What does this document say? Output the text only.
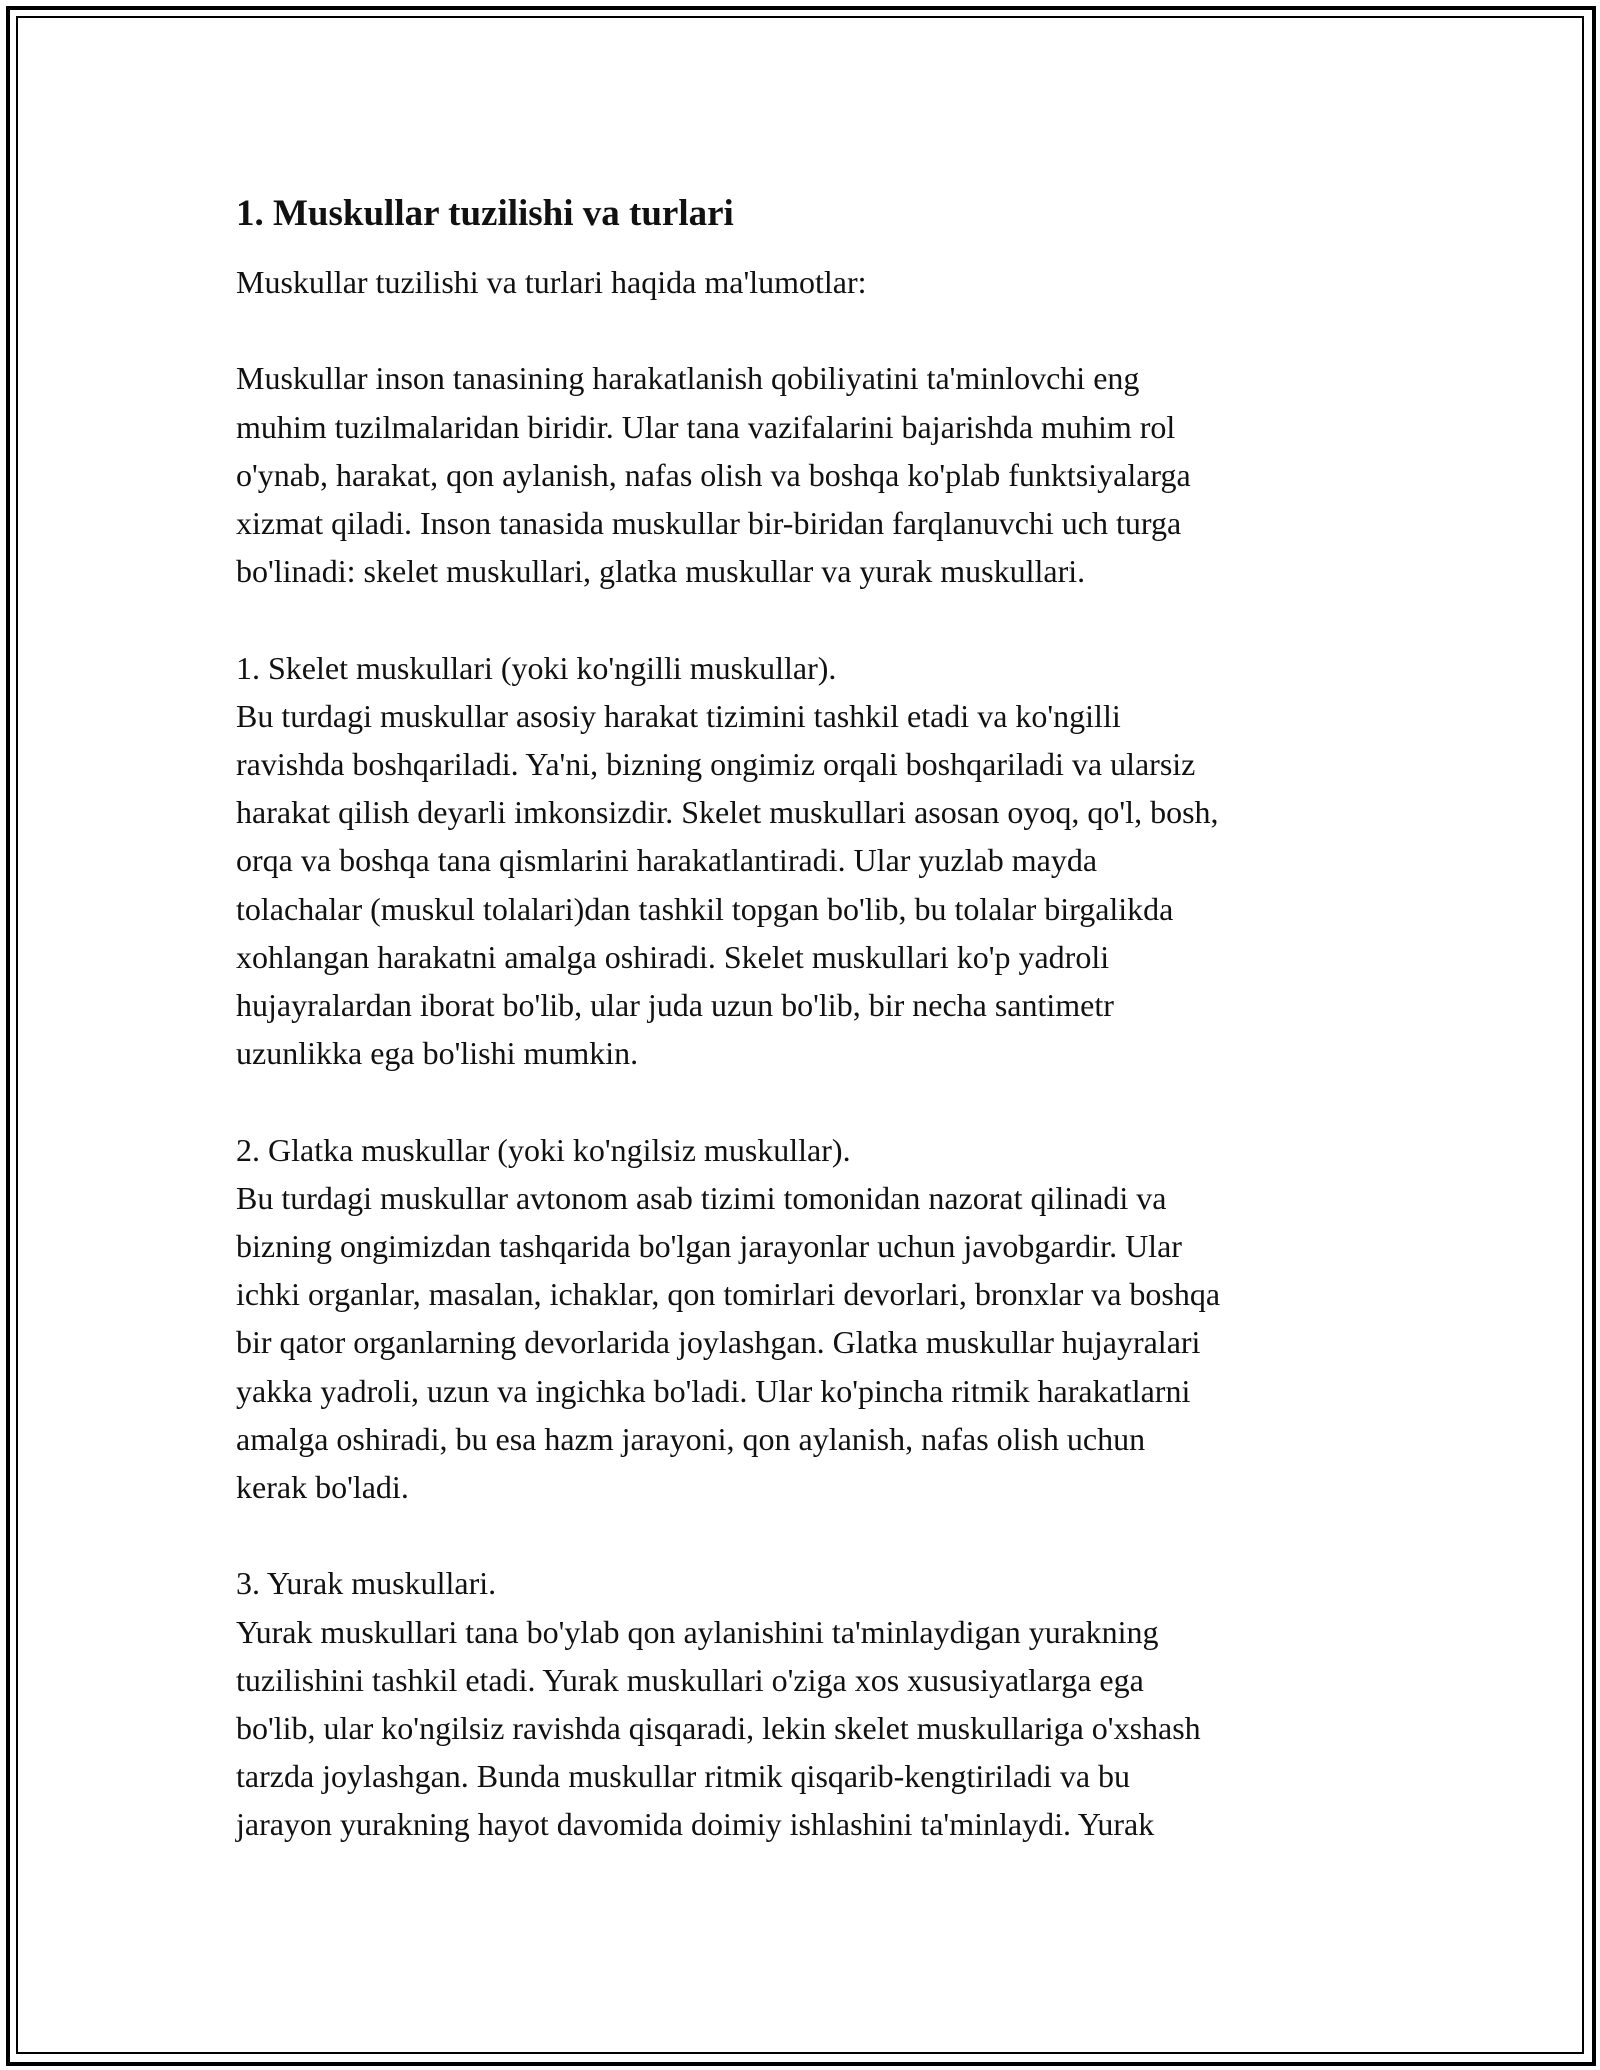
1. Muskullar tuzilishi va turlari

Muskullar tuzilishi va turlari haqida ma'lumotlar:

Muskullar inson tanasining harakatlanish qobiliyatini ta'minlovchi eng
muhim tuzilmalaridan biridir. Ular tana vazifalarini bajarishda muhim rol
o'ynab, harakat, qon aylanish, nafas olish va boshqa ko'plab funktsiyalarga
xizmat qiladi. Inson tanasida muskullar bir-biridan farqlanuvchi uch turga
bo'linadi: skelet muskullari, glatka muskullar va yurak muskullari.

1. Skelet muskullari (yoki ko'ngilli muskullar).
Bu turdagi muskullar asosiy harakat tizimini tashkil etadi va ko'ngilli
ravishda boshqariladi. Ya'ni, bizning ongimiz orqali boshqariladi va ularsiz
harakat qilish deyarli imkonsizdir. Skelet muskullari asosan oyoq, qo'l, bosh,
orqa va boshqa tana qismlarini harakatlantiradi. Ular yuzlab mayda
tolachalar (muskul tolalari)dan tashkil topgan bo'lib, bu tolalar birgalikda
xohlangan harakatni amalga oshiradi. Skelet muskullari ko'p yadroli
hujayralardan iborat bo'lib, ular juda uzun bo'lib, bir necha santimetr
uzunlikka ega bo'lishi mumkin.

2. Glatka muskullar (yoki ko'ngilsiz muskullar).
Bu turdagi muskullar avtonom asab tizimi tomonidan nazorat qilinadi va
bizning ongimizdan tashqarida bo'lgan jarayonlar uchun javobgardir. Ular
ichki organlar, masalan, ichaklar, qon tomirlari devorlari, bronxlar va boshqa
bir qator organlarning devorlarida joylashgan. Glatka muskullar hujayralari
yakka yadroli, uzun va ingichka bo'ladi. Ular ko'pincha ritmik harakatlarni
amalga oshiradi, bu esa hazm jarayoni, qon aylanish, nafas olish uchun
kerak bo'ladi.

3. Yurak muskullari.
Yurak muskullari tana bo'ylab qon aylanishini ta'minlaydigan yurakning
tuzilishini tashkil etadi. Yurak muskullari o'ziga xos xususiyatlarga ega
bo'lib, ular ko'ngilsiz ravishda qisqaradi, lekin skelet muskullariga o'xshash
tarzda joylashgan. Bunda muskullar ritmik qisqarib-kengtiriladi va bu
jarayon yurakning hayot davomida doimiy ishlashini ta'minlaydi. Yurak
